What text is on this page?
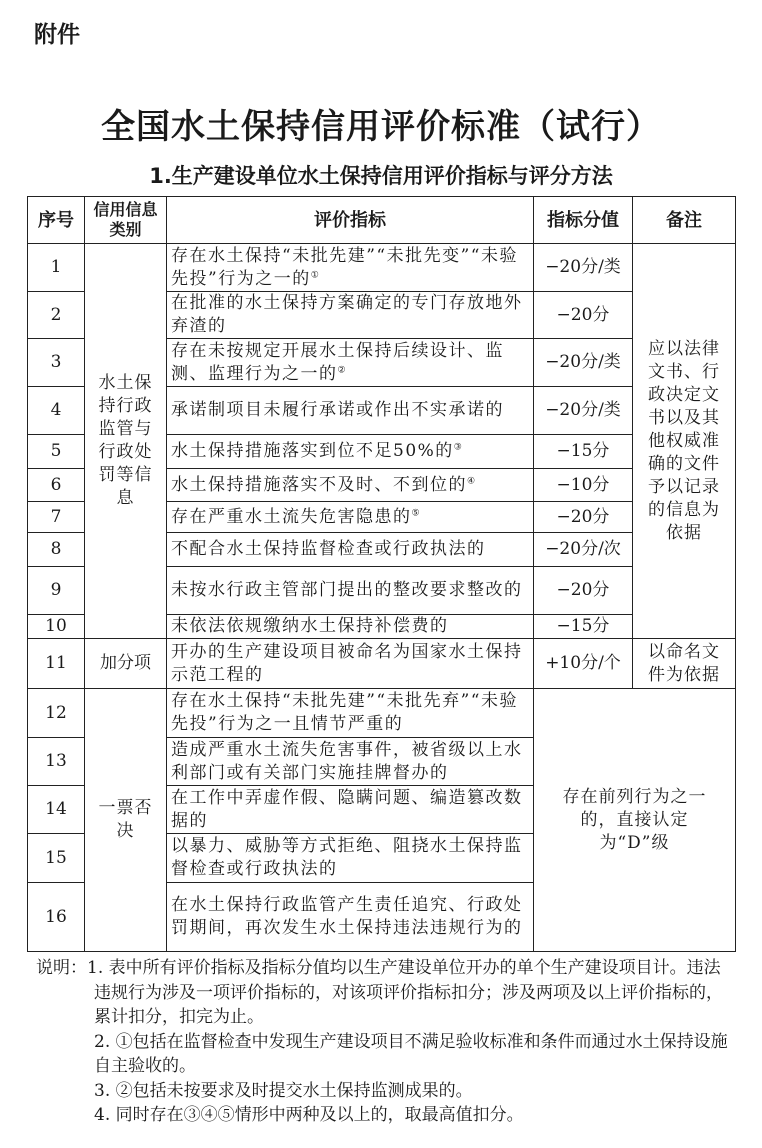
附件
全国水土保持信用评价标准（试行）
1.生产建设单位水土保持信用评价指标与评分方法
序号	信用信息类别	评价指标	指标分值	备注
1	水土保持行政监管与行政处罚等信息	存在水土保持“未批先建”“未批先变”“未验先投”行为之一的①	−20分/类	应以法律文书、行政决定文书以及其他权威准确的文件予以记录的信息为依据
2		在批准的水土保持方案确定的专门存放地外弃渣的	−20分	
3		存在未按规定开展水土保持后续设计、监测、监理行为之一的②	−20分/类	
4		承诺制项目未履行承诺或作出不实承诺的	−20分/类	
5		水土保持措施落实到位不足50%的③	−15分	
6		水土保持措施落实不及时、不到位的④	−10分	
7		存在严重水土流失危害隐患的⑤	−20分	
8		不配合水土保持监督检查或行政执法的	−20分/次	
9		未按水行政主管部门提出的整改要求整改的	−20分	
10		未依法依规缴纳水土保持补偿费的	−15分	
11	加分项	开办的生产建设项目被命名为国家水土保持示范工程的	+10分/个	以命名文件为依据
12	一票否决	存在水土保持“未批先建”“未批先弃”“未验先投”行为之一且情节严重的	存在前列行为之一的，直接认定为“D”级	
13		造成严重水土流失危害事件，被省级以上水利部门或有关部门实施挂牌督办的		
14		在工作中弄虚作假、隐瞒问题、编造篡改数据的		
15		以暴力、威胁等方式拒绝、阻挠水土保持监督检查或行政执法的		
16		在水土保持行政监管产生责任追究、行政处罚期间，再次发生水土保持违法违规行为的		
说明：1. 表中所有评价指标及指标分值均以生产建设单位开办的单个生产建设项目计。违法违规行为涉及一项评价指标的，对该项评价指标扣分；涉及两项及以上评价指标的，累计扣分，扣完为止。
2. ①包括在监督检查中发现生产建设项目不满足验收标准和条件而通过水土保持设施自主验收的。
3. ②包括未按要求及时提交水土保持监测成果的。
4. 同时存在③④⑤情形中两种及以上的，取最高值扣分。
